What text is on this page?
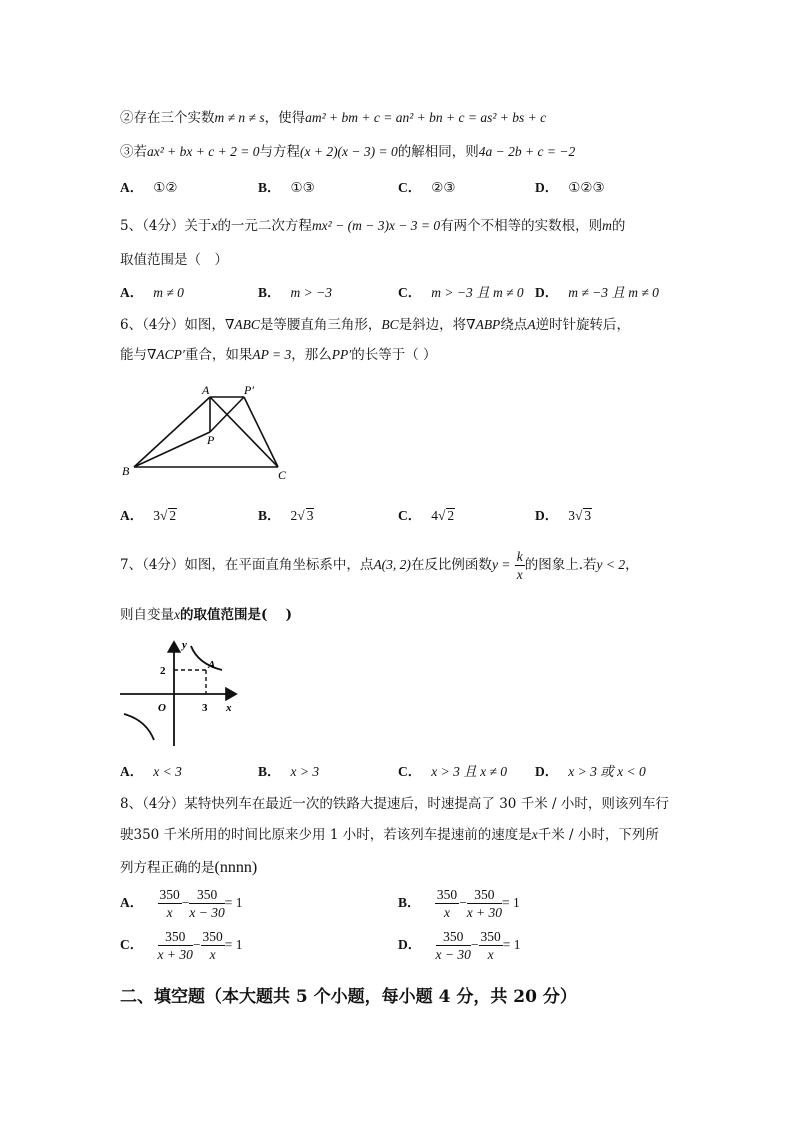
②存在三个实数m ≠ n ≠ s，使得am² + bm + c = an² + bn + c = as² + bs + c
③若ax² + bx + c + 2 = 0与方程(x + 2)(x − 3) = 0的解相同，则4a − 2b + c = −2
A． ①②	B． ①③	C． ②③	D． ①②③
5、（4分）关于x的一元二次方程mx² − (m − 3)x − 3 = 0有两个不相等的实数根，则m的
取值范围是（　）
A． m ≠ 0	B． m > −3	C． m > −3 且 m ≠ 0 D． m ≠ −3 且 m ≠ 0
6、（4分）如图，∇ABC是等腰直角三角形，BC是斜边，将∇ABP绕点A逆时针旋转后，
能与∇ACP′重合，如果AP = 3，那么PP′的长等于（ ）
A	P′
P
B	C
A． 3√ 2	B． 2√ 3	C． 4√ 2	D． 3√ 3
7、（4分）如图，在平面直角坐标系中，点A(3, 2)在反比例函数$y = \frac{k}{x}$ 的图象上.若y < 2，
则自变量x的取值范围是(　 )
y
2	A
O	3 x
A． x < 3	B． x > 3	C． x > 3 且 x ≠ 0 D． x > 3 或 x < 0
8、（4分）某特快列车在最近一次的铁路大提速后，时速提高了 30 千米 / 小时，则该列车行
驶350 千米所用的时间比原来少用 1 小时，若该列车提速前的速度是x千米 / 小时，下列所
列方程正确的是(nnnn)
A． $\frac{350}{x} - \frac{350}{x - 30} = 1$	B． $\frac{350}{x} - \frac{350}{x + 30} = 1$
C． $\frac{350}{x + 30} - \frac{350}{x} = 1$	D． $\frac{350}{x - 30} - \frac{350}{x} = 1$
二、填空题（本大题共 5 个小题，每小题 4 分，共 20 分）
